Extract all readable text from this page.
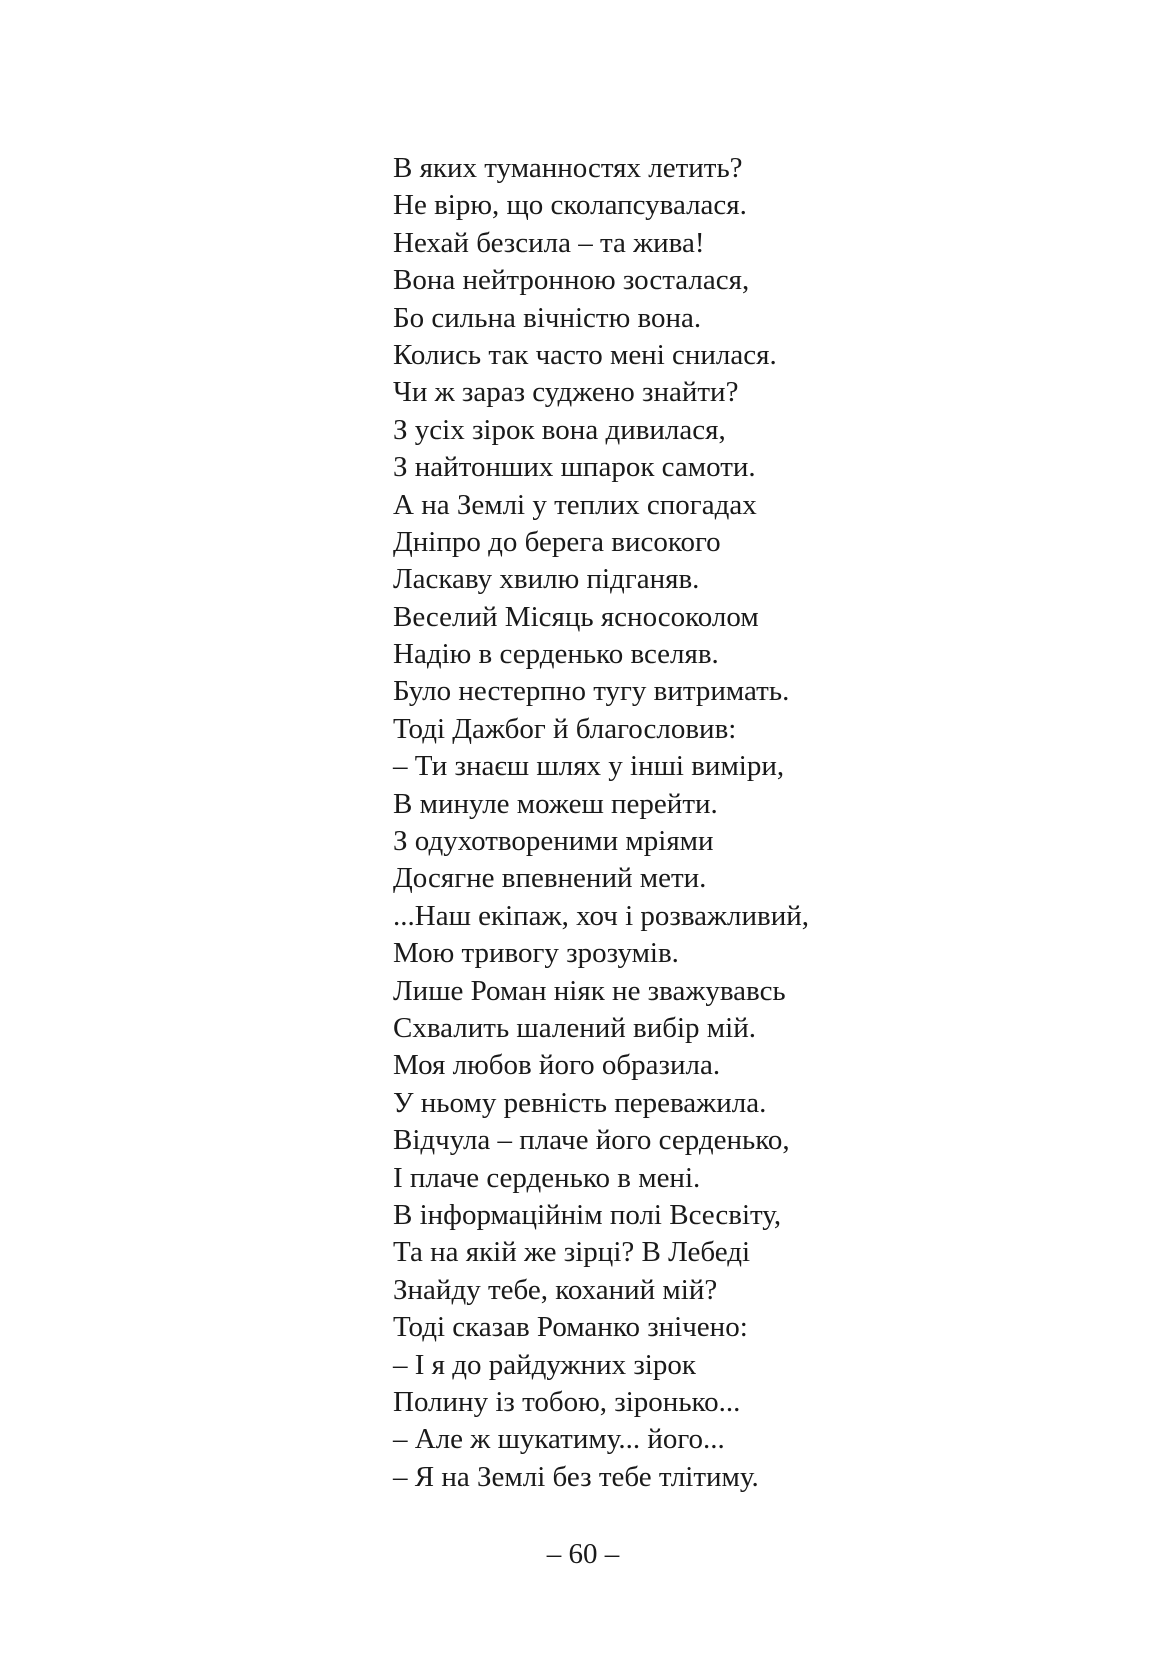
В яких туманностях летить?
Не вірю, що сколапсувалася.
Нехай безсила – та жива!
Вона нейтронною зосталася,
Бо сильна вічністю вона.
Колись так часто мені снилася.
Чи ж зараз суджено знайти?
З усіх зірок вона дивилася,
З найтонших шпарок самоти.
А на Землі у теплих спогадах
Дніпро до берега високого
Ласкаву хвилю підганяв.
Веселий Місяць ясносоколом
Надію в серденько вселяв.
Було нестерпно тугу витримать.
Тоді Дажбог й благословив:
– Ти знаєш шлях у інші виміри,
В минуле можеш перейти.
З одухотвореними мріями
Досягне впевнений мети.
...Наш екіпаж, хоч і розважливий,
Мою тривогу зрозумів.
Лише Роман ніяк не зважувавсь
Схвалить шалений вибір мій.
Моя любов його образила.
У ньому ревність переважила.
Відчула – плаче його серденько,
І плаче серденько в мені.
В інформаційнім полі Всесвіту,
Та на якій же зірці? В Лебеді
Знайду тебе, коханий мій?
Тоді сказав Романко знічено:
– І я до райдужних зірок
Полину із тобою, зіронько...
– Але ж шукатиму... його...
– Я на Землі без тебе тлітиму.
– 60 –
